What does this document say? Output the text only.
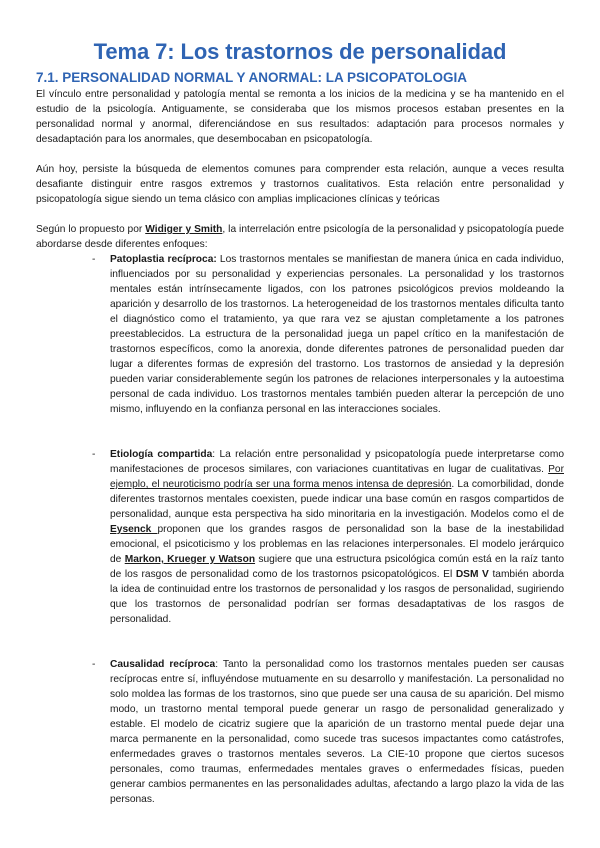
Tema 7: Los trastornos de personalidad
7.1. PERSONALIDAD NORMAL Y ANORMAL: LA PSICOPATOLOGIA

El vínculo entre personalidad y patología mental se remonta a los inicios de la medicina y se ha mantenido en el estudio de la psicología. Antiguamente, se consideraba que los mismos procesos estaban presentes en la personalidad normal y anormal, diferenciándose en sus resultados: adaptación para procesos normales y desadaptación para los anormales, que desembocaban en psicopatología.

Aún hoy, persiste la búsqueda de elementos comunes para comprender esta relación, aunque a veces resulta desafiante distinguir entre rasgos extremos y trastornos cualitativos. Esta relación entre personalidad y psicopatología sigue siendo un tema clásico con amplias implicaciones clínicas y teóricas

Según lo propuesto por Widiger y Smith, la interrelación entre psicología de la personalidad y psicopatología puede abordarse desde diferentes enfoques:

- Patoplastia recíproca: Los trastornos mentales se manifiestan de manera única en cada individuo, influenciados por su personalidad y experiencias personales. La personalidad y los trastornos mentales están intrínsecamente ligados, con los patrones psicológicos previos moldeando la aparición y desarrollo de los trastornos. La heterogeneidad de los trastornos mentales dificulta tanto el diagnóstico como el tratamiento, ya que rara vez se ajustan completamente a los patrones preestablecidos. La estructura de la personalidad juega un papel crítico en la manifestación de trastornos específicos, como la anorexia, donde diferentes patrones de personalidad pueden dar lugar a diferentes formas de expresión del trastorno. Los trastornos de ansiedad y la depresión pueden variar considerablemente según los patrones de relaciones interpersonales y la autoestima personal de cada individuo. Los trastornos mentales también pueden alterar la percepción de uno mismo, influyendo en la confianza personal en las interacciones sociales.
- Etiología compartida: La relación entre personalidad y psicopatología puede interpretarse como manifestaciones de procesos similares, con variaciones cuantitativas en lugar de cualitativas. Por ejemplo, el neuroticismo podría ser una forma menos intensa de depresión. La comorbilidad, donde diferentes trastornos mentales coexisten, puede indicar una base común en rasgos compartidos de personalidad, aunque esta perspectiva ha sido minoritaria en la investigación. Modelos como el de Eysenck proponen que los grandes rasgos de personalidad son la base de la inestabilidad emocional, el psicoticismo y los problemas en las relaciones interpersonales. El modelo jerárquico de Markon, Krueger y Watson sugiere que una estructura psicológica común está en la raíz tanto de los rasgos de personalidad como de los trastornos psicopatológicos. El DSM V también aborda la idea de continuidad entre los trastornos de personalidad y los rasgos de personalidad, sugiriendo que los trastornos de personalidad podrían ser formas desadaptativas de los rasgos de personalidad.
- Causalidad recíproca: Tanto la personalidad como los trastornos mentales pueden ser causas recíprocas entre sí, influyéndose mutuamente en su desarrollo y manifestación. La personalidad no solo moldea las formas de los trastornos, sino que puede ser una causa de su aparición. Del mismo modo, un trastorno mental temporal puede generar un rasgo de personalidad generalizado y estable. El modelo de cicatriz sugiere que la aparición de un trastorno mental puede dejar una marca permanente en la personalidad, como sucede tras sucesos impactantes como catástrofes, enfermedades graves o trastornos mentales severos. La CIE-10 propone que ciertos sucesos personales, como traumas, enfermedades mentales graves o enfermedades físicas, pueden generar cambios permanentes en las personalidades adultas, afectando a largo plazo la vida de las personas.
